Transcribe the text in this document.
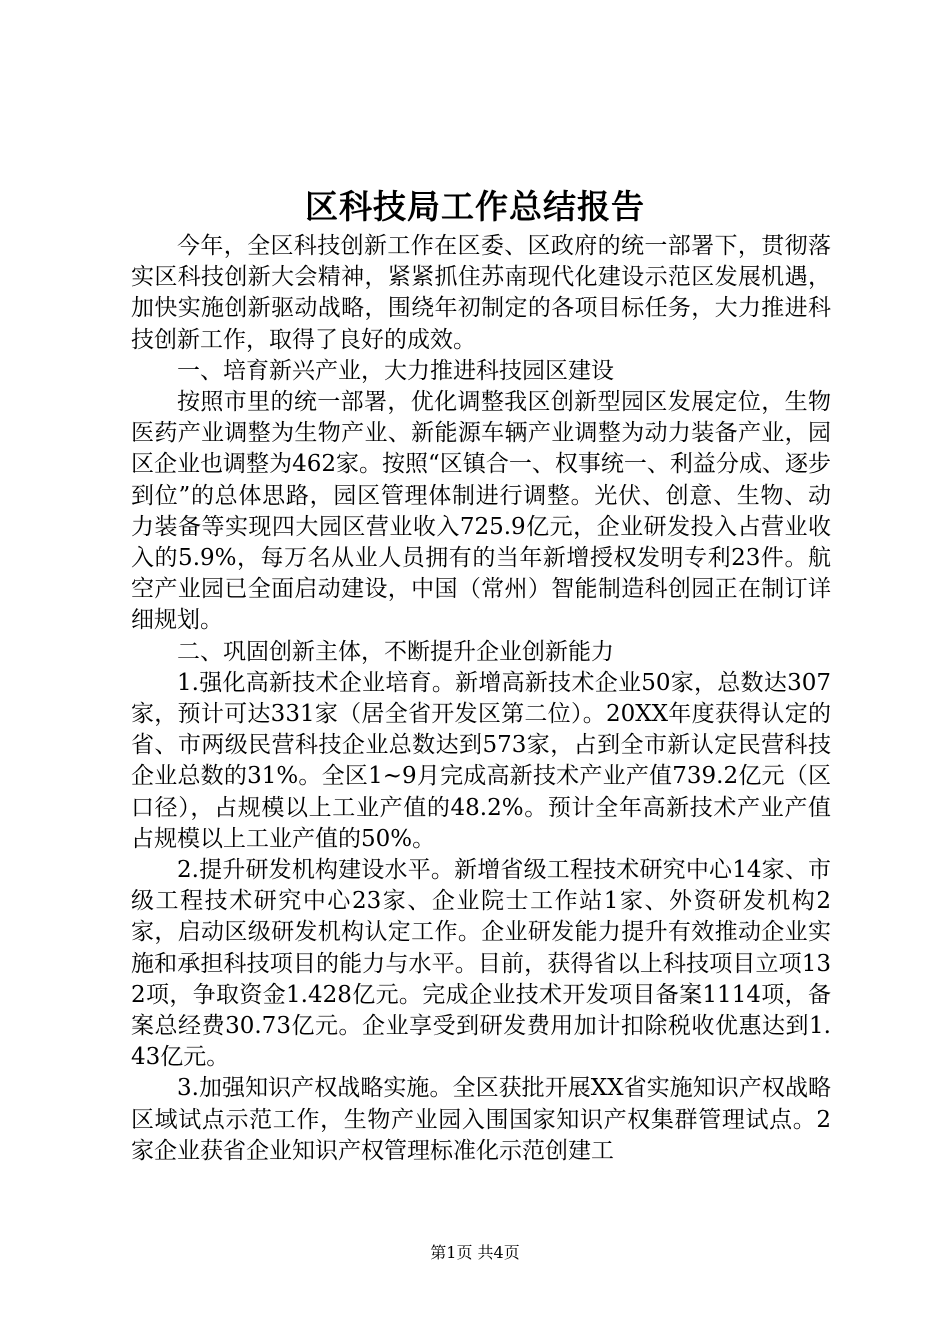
区科技局工作总结报告

今年，全区科技创新工作在区委、区政府的统一部署下，贯彻落实区科技创新大会精神，紧紧抓住苏南现代化建设示范区发展机遇，加快实施创新驱动战略，围绕年初制定的各项目标任务，大力推进科技创新工作，取得了良好的成效。

一、培育新兴产业，大力推进科技园区建设

按照市里的统一部署，优化调整我区创新型园区发展定位，生物医药产业调整为生物产业、新能源车辆产业调整为动力装备产业，园区企业也调整为462家。按照“区镇合一、权事统一、利益分成、逐步到位”的总体思路，园区管理体制进行调整。光伏、创意、生物、动力装备等实现四大园区营业收入725.9亿元，企业研发投入占营业收入的5.9%，每万名从业人员拥有的当年新增授权发明专利23件。航空产业园已全面启动建设，中国（常州）智能制造科创园正在制订详细规划。

二、巩固创新主体，不断提升企业创新能力

1.强化高新技术企业培育。新增高新技术企业50家，总数达307家，预计可达331家（居全省开发区第二位）。20XX年度获得认定的省、市两级民营科技企业总数达到573家，占到全市新认定民营科技企业总数的31%。全区1~9月完成高新技术产业产值739.2亿元（区口径），占规模以上工业产值的48.2%。预计全年高新技术产业产值占规模以上工业产值的50%。

2.提升研发机构建设水平。新增省级工程技术研究中心14家、市级工程技术研究中心23家、企业院士工作站1家、外资研发机构2家，启动区级研发机构认定工作。企业研发能力提升有效推动企业实施和承担科技项目的能力与水平。目前，获得省以上科技项目立项132项，争取资金1.428亿元。完成企业技术开发项目备案1114项，备案总经费30.73亿元。企业享受到研发费用加计扣除税收优惠达到1.43亿元。

3.加强知识产权战略实施。全区获批开展XX省实施知识产权战略区域试点示范工作，生物产业园入围国家知识产权集群管理试点。2家企业获省企业知识产权管理标准化示范创建工

第1页 共4页
